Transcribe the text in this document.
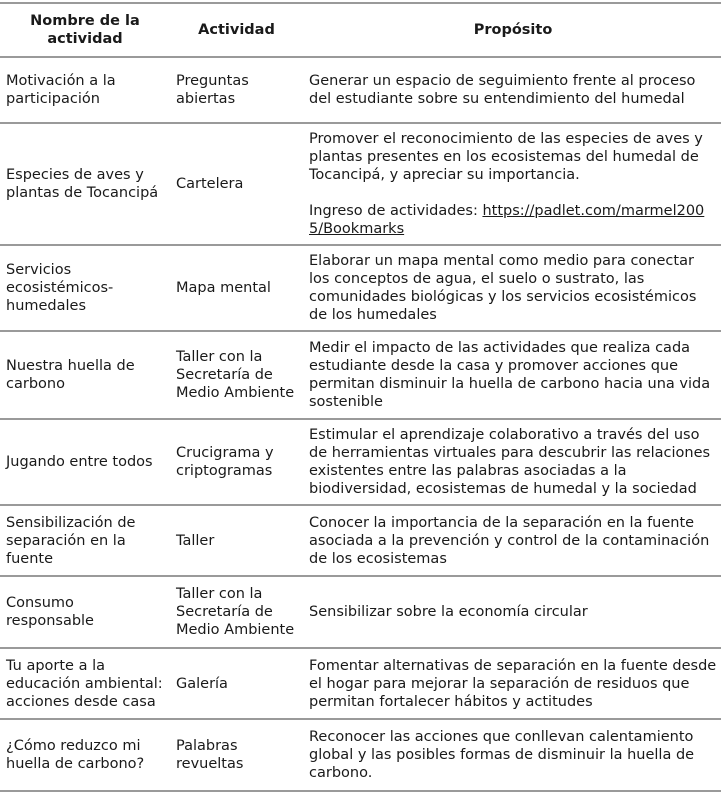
Nombre de la actividad	Actividad	Propósito
Motivación a la participación	Preguntas abiertas	Generar un espacio de seguimiento frente al proceso del estudiante sobre su entendimiento del humedal
Especies de aves y plantas de Tocancipá	Cartelera	Promover el reconocimiento de las especies de aves y plantas presentes en los ecosistemas del humedal de Tocancipá, y apreciar su importancia.
Ingreso de actividades: https://padlet.com/marmel2005/Bookmarks
Servicios ecosistémicos-humedales	Mapa mental	Elaborar un mapa mental como medio para conectar los conceptos de agua, el suelo o sustrato, las comunidades biológicas y los servicios ecosistémicos de los humedales
Nuestra huella de carbono	Taller con la Secretaría de Medio Ambiente	Medir el impacto de las actividades que realiza cada estudiante desde la casa y promover acciones que permitan disminuir la huella de carbono hacia una vida sostenible
Jugando entre todos	Crucigrama y criptogramas	Estimular el aprendizaje colaborativo a través del uso de herramientas virtuales para descubrir las relaciones existentes entre las palabras asociadas a la biodiversidad, ecosistemas de humedal y la sociedad
Sensibilización de separación en la fuente	Taller	Conocer la importancia de la separación en la fuente asociada a la prevención y control de la contaminación de los ecosistemas
Consumo responsable	Taller con la Secretaría de Medio Ambiente	Sensibilizar sobre la economía circular
Tu aporte a la educación ambiental: acciones desde casa	Galería	Fomentar alternativas de separación en la fuente desde el hogar para mejorar la separación de residuos que permitan fortalecer hábitos y actitudes
¿Cómo reduzco mi huella de carbono?	Palabras revueltas	Reconocer las acciones que conllevan calentamiento global y las posibles formas de disminuir la huella de carbono.
